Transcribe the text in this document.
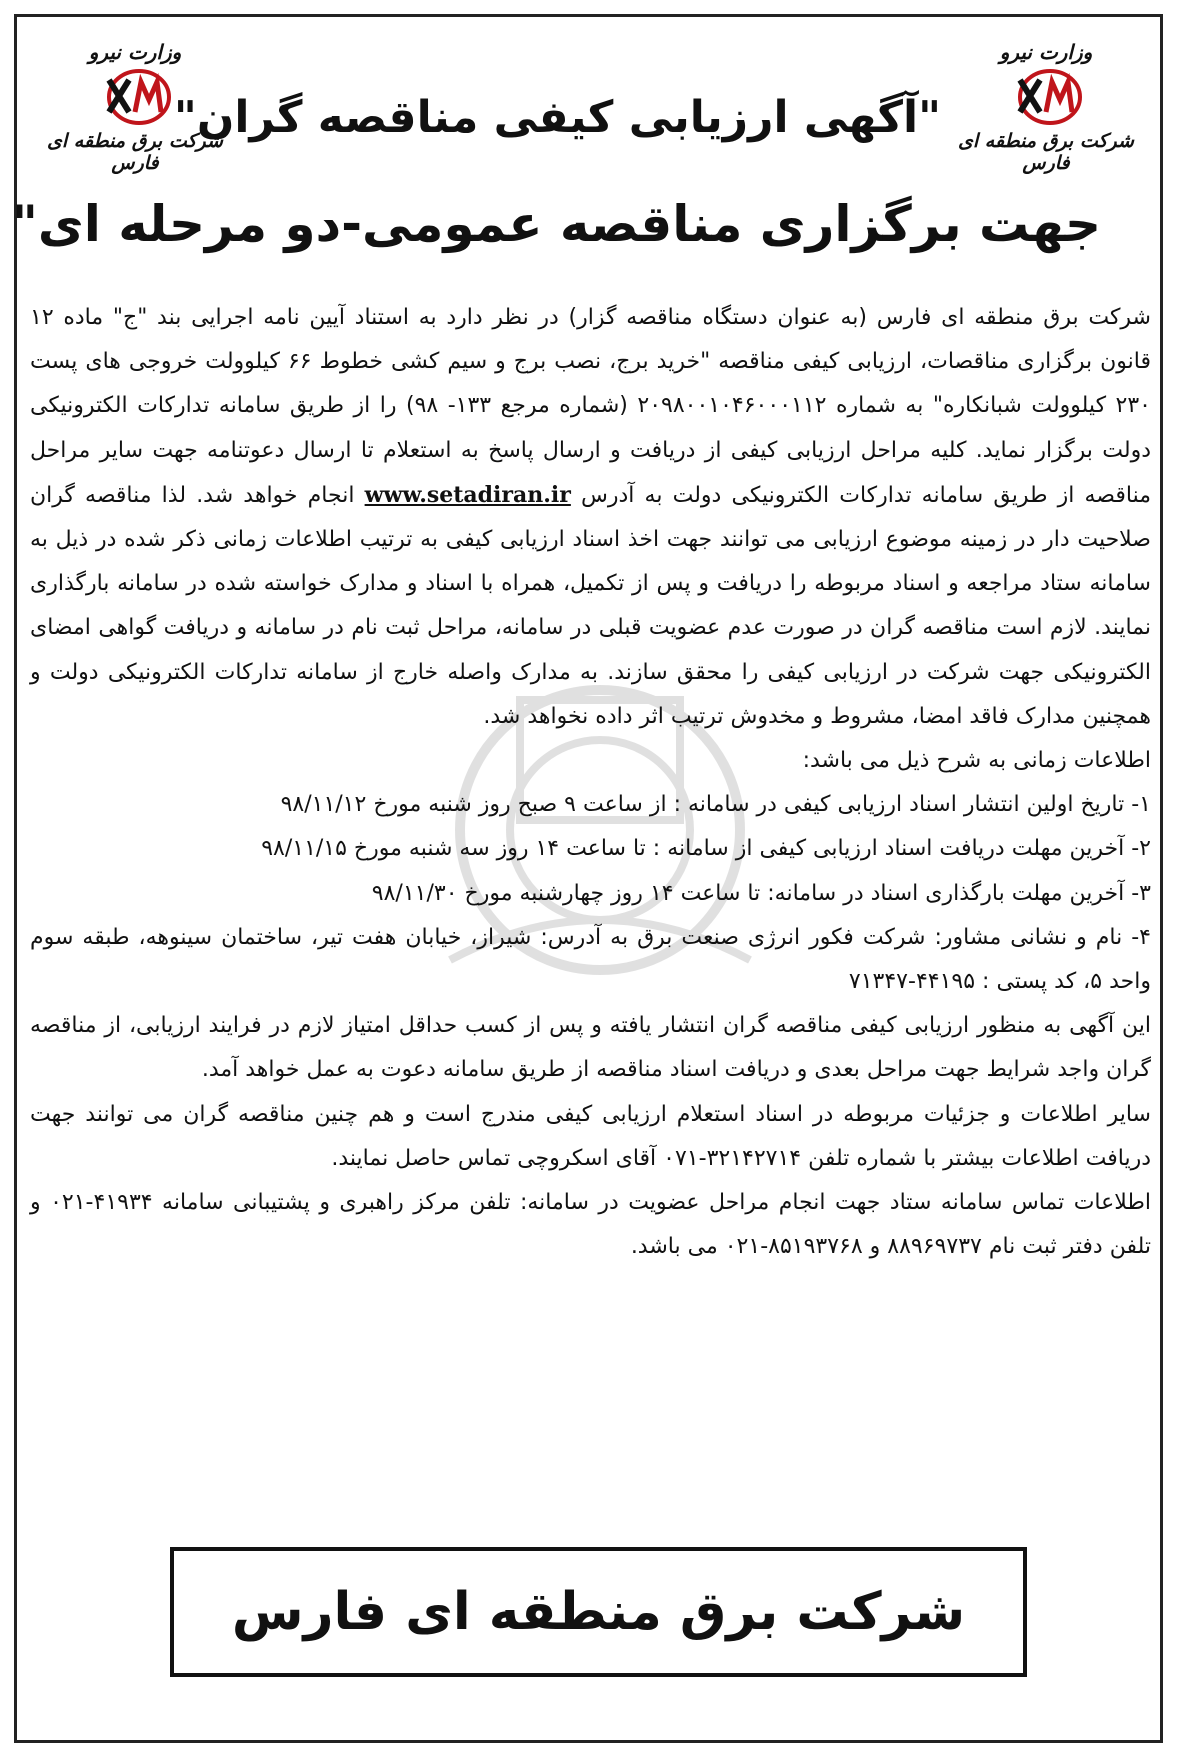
وزارت نیرو
شرکت برق منطقه ای فارس
وزارت نیرو
شرکت برق منطقه ای فارس
"آگهی ارزیابی کیفی مناقصه گران"
جهت برگزاری مناقصه عمومی-دو مرحله ای"

شرکت برق منطقه ای فارس (به عنوان دستگاه مناقصه گزار) در نظر دارد به استناد آیین نامه اجرایی بند "ج" ماده ۱۲ قانون برگزاری مناقصات، ارزیابی کیفی مناقصه "خرید برج، نصب برج و سیم کشی خطوط ۶۶ کیلوولت خروجی های پست ۲۳۰ کیلوولت شبانکاره" به شماره ۲۰۹۸۰۰۱۰۴۶۰۰۰۱۱۲ (شماره مرجع ۱۳۳- ۹۸) را از طریق سامانه تدارکات الکترونیکی دولت برگزار نماید. کلیه مراحل ارزیابی کیفی از دریافت و ارسال پاسخ به استعلام تا ارسال دعوتنامه جهت سایر مراحل مناقصه از طریق سامانه تدارکات الکترونیکی دولت به آدرس www.setadiran.ir انجام خواهد شد. لذا مناقصه گران صلاحیت دار در زمینه موضوع ارزیابی می توانند جهت اخذ اسناد ارزیابی کیفی به ترتیب اطلاعات زمانی ذکر شده در ذیل به سامانه ستاد مراجعه و اسناد مربوطه را دریافت و پس از تکمیل، همراه با اسناد و مدارک خواسته شده در سامانه بارگذاری نمایند. لازم است مناقصه گران در صورت عدم عضویت قبلی در سامانه، مراحل ثبت نام در سامانه و دریافت گواهی امضای الکترونیکی جهت شرکت در ارزیابی کیفی را محقق سازند. به مدارک واصله خارج از سامانه تدارکات الکترونیکی دولت و همچنین مدارک فاقد امضا، مشروط و مخدوش ترتیب اثر داده نخواهد شد.

اطلاعات زمانی به شرح ذیل می باشد:
۱- تاریخ اولین انتشار اسناد ارزیابی کیفی در سامانه : از ساعت ۹ صبح روز شنبه مورخ ۹۸/۱۱/۱۲
۲- آخرین مهلت دریافت اسناد ارزیابی کیفی از سامانه : تا ساعت ۱۴ روز سه شنبه مورخ ۹۸/۱۱/۱۵
۳- آخرین مهلت بارگذاری اسناد در سامانه: تا ساعت ۱۴ روز چهارشنبه مورخ ۹۸/۱۱/۳۰
۴- نام و نشانی مشاور: شرکت فکور انرژی صنعت برق به آدرس: شیراز، خیابان هفت تیر، ساختمان سینوهه، طبقه سوم واحد ۵، کد پستی : ۴۴۱۹۵-۷۱۳۴۷

این آگهی به منظور ارزیابی کیفی مناقصه گران انتشار یافته و پس از کسب حداقل امتیاز لازم در فرایند ارزیابی، از مناقصه گران واجد شرایط جهت مراحل بعدی و دریافت اسناد مناقصه از طریق سامانه دعوت به عمل خواهد آمد.

سایر اطلاعات و جزئیات مربوطه در اسناد استعلام ارزیابی کیفی مندرج است و هم چنین مناقصه گران می توانند جهت دریافت اطلاعات بیشتر با شماره تلفن ۳۲۱۴۲۷۱۴-۰۷۱ آقای اسکروچی تماس حاصل نمایند.

اطلاعات تماس سامانه ستاد جهت انجام مراحل عضویت در سامانه: تلفن مرکز راهبری و پشتیبانی سامانه ۴۱۹۳۴-۰۲۱ و تلفن دفتر ثبت نام ۸۸۹۶۹۷۳۷ و ۸۵۱۹۳۷۶۸-۰۲۱ می باشد.

شرکت برق منطقه ای فارس
